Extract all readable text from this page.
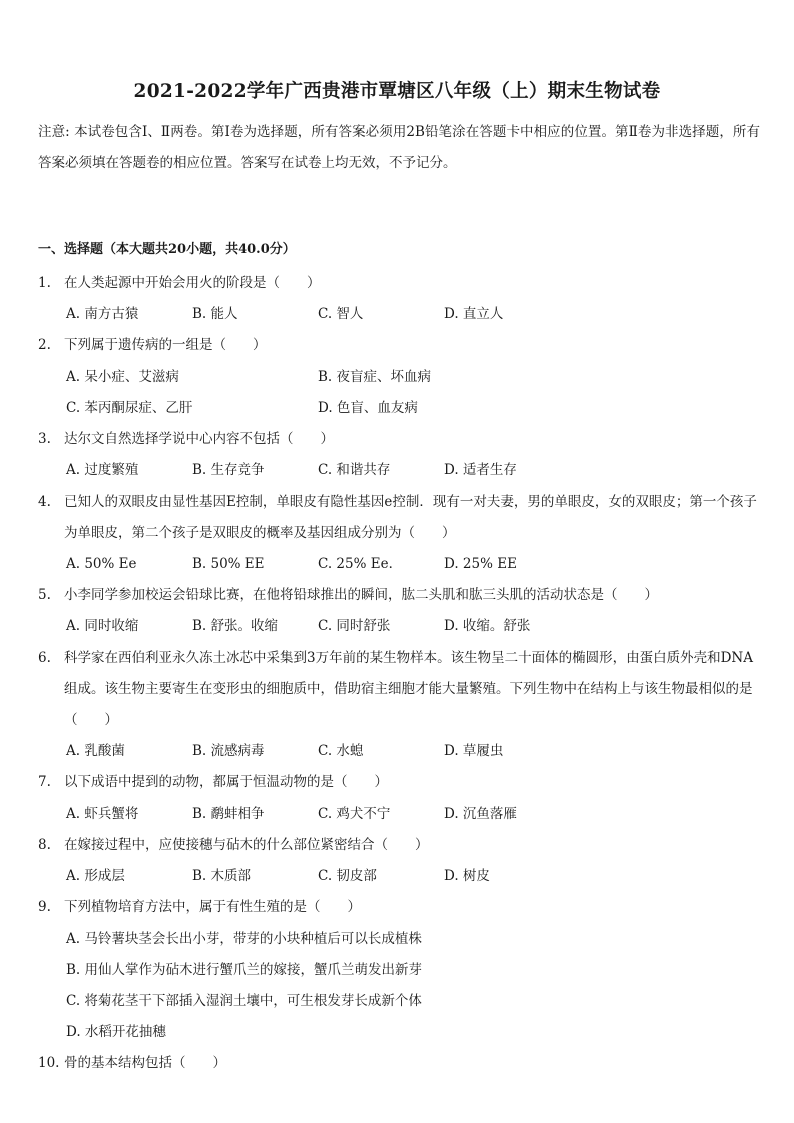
2021-2022学年广西贵港市覃塘区八年级（上）期末生物试卷
注意: 本试卷包含Ⅰ、Ⅱ两卷。第Ⅰ卷为选择题，所有答案必须用2B铅笔涂在答题卡中相应的位置。第Ⅱ卷为非选择题，所有答案必须填在答题卷的相应位置。答案写在试卷上均无效，不予记分。
一、选择题（本大题共20小题，共40.0分）
1. 在人类起源中开始会用火的阶段是（　　）
A. 南方古猿	B. 能人	C. 智人	D. 直立人
2. 下列属于遗传病的一组是（　　）
A. 呆小症、艾滋病	B. 夜盲症、坏血病
C. 苯丙酮尿症、乙肝	D. 色盲、血友病
3. 达尔文自然选择学说中心内容不包括（　　）
A. 过度繁殖	B. 生存竞争	C. 和谐共存	D. 适者生存
4. 已知人的双眼皮由显性基因E控制，单眼皮有隐性基因e控制．现有一对夫妻，男的单眼皮，女的双眼皮；第一个孩子为单眼皮，第二个孩子是双眼皮的概率及基因组成分别为（　　）
A. 50% Ee	B. 50% EE	C. 25% Ee．	D. 25% EE
5. 小李同学参加校运会铅球比赛，在他将铅球推出的瞬间，肱二头肌和肱三头肌的活动状态是（　　）
A. 同时收缩	B. 舒张。收缩	C. 同时舒张	D. 收缩。舒张
6. 科学家在西伯利亚永久冻土冰芯中采集到3万年前的某生物样本。该生物呈二十面体的椭圆形，由蛋白质外壳和DNA组成。该生物主要寄生在变形虫的细胞质中，借助宿主细胞才能大量繁殖。下列生物中在结构上与该生物最相似的是（　　）
A. 乳酸菌	B. 流感病毒	C. 水螅	D. 草履虫
7. 以下成语中提到的动物，都属于恒温动物的是（　　）
A. 虾兵蟹将	B. 鹬蚌相争	C. 鸡犬不宁	D. 沉鱼落雁
8. 在嫁接过程中，应使接穗与砧木的什么部位紧密结合（　　）
A. 形成层	B. 木质部	C. 韧皮部	D. 树皮
9. 下列植物培育方法中，属于有性生殖的是（　　）
A. 马铃薯块茎会长出小芽，带芽的小块种植后可以长成植株
B. 用仙人掌作为砧木进行蟹爪兰的嫁接，蟹爪兰萌发出新芽
C. 将菊花茎干下部插入湿润土壤中，可生根发芽长成新个体
D. 水稻开花抽穗
10. 骨的基本结构包括（　　）
